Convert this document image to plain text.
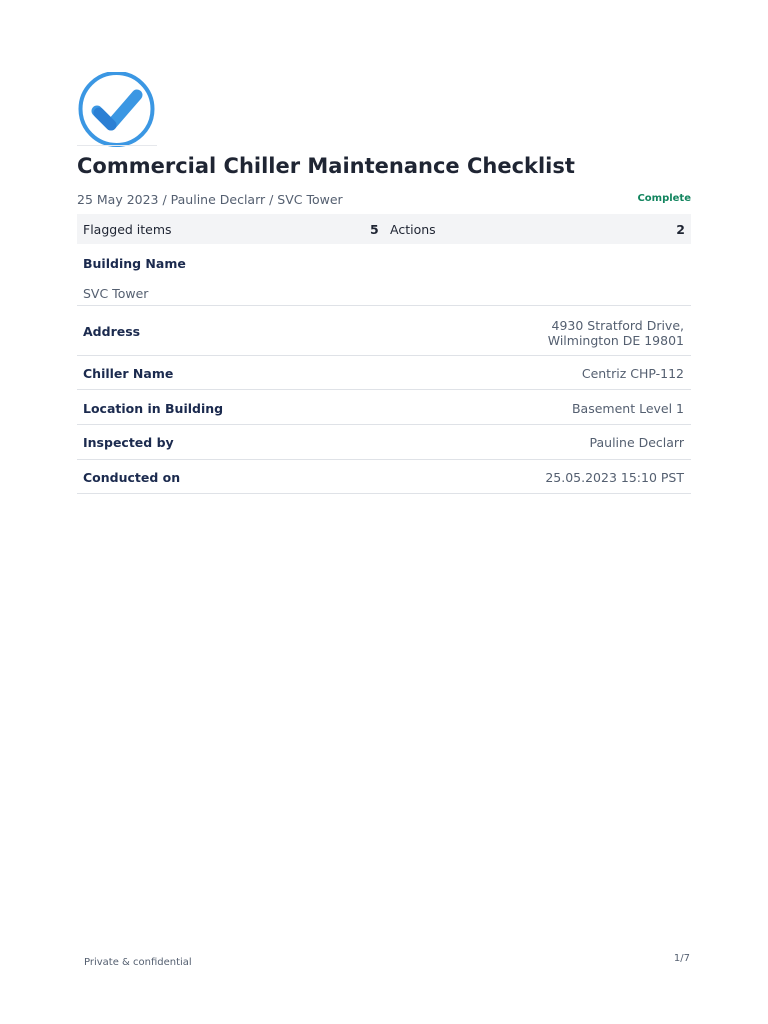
Commercial Chiller Maintenance Checklist
25 May 2023 / Pauline Declarr / SVC Tower	Complete
Flagged items	5 Actions	2
Building Name
SVC Tower
Address	4930 Stratford Drive,
Wilmington DE 19801
Chiller Name	Centriz CHP-112
Location in Building	Basement Level 1
Inspected by	Pauline Declarr
Conducted on	25.05.2023 15:10 PST
Private & confidential	1/7
